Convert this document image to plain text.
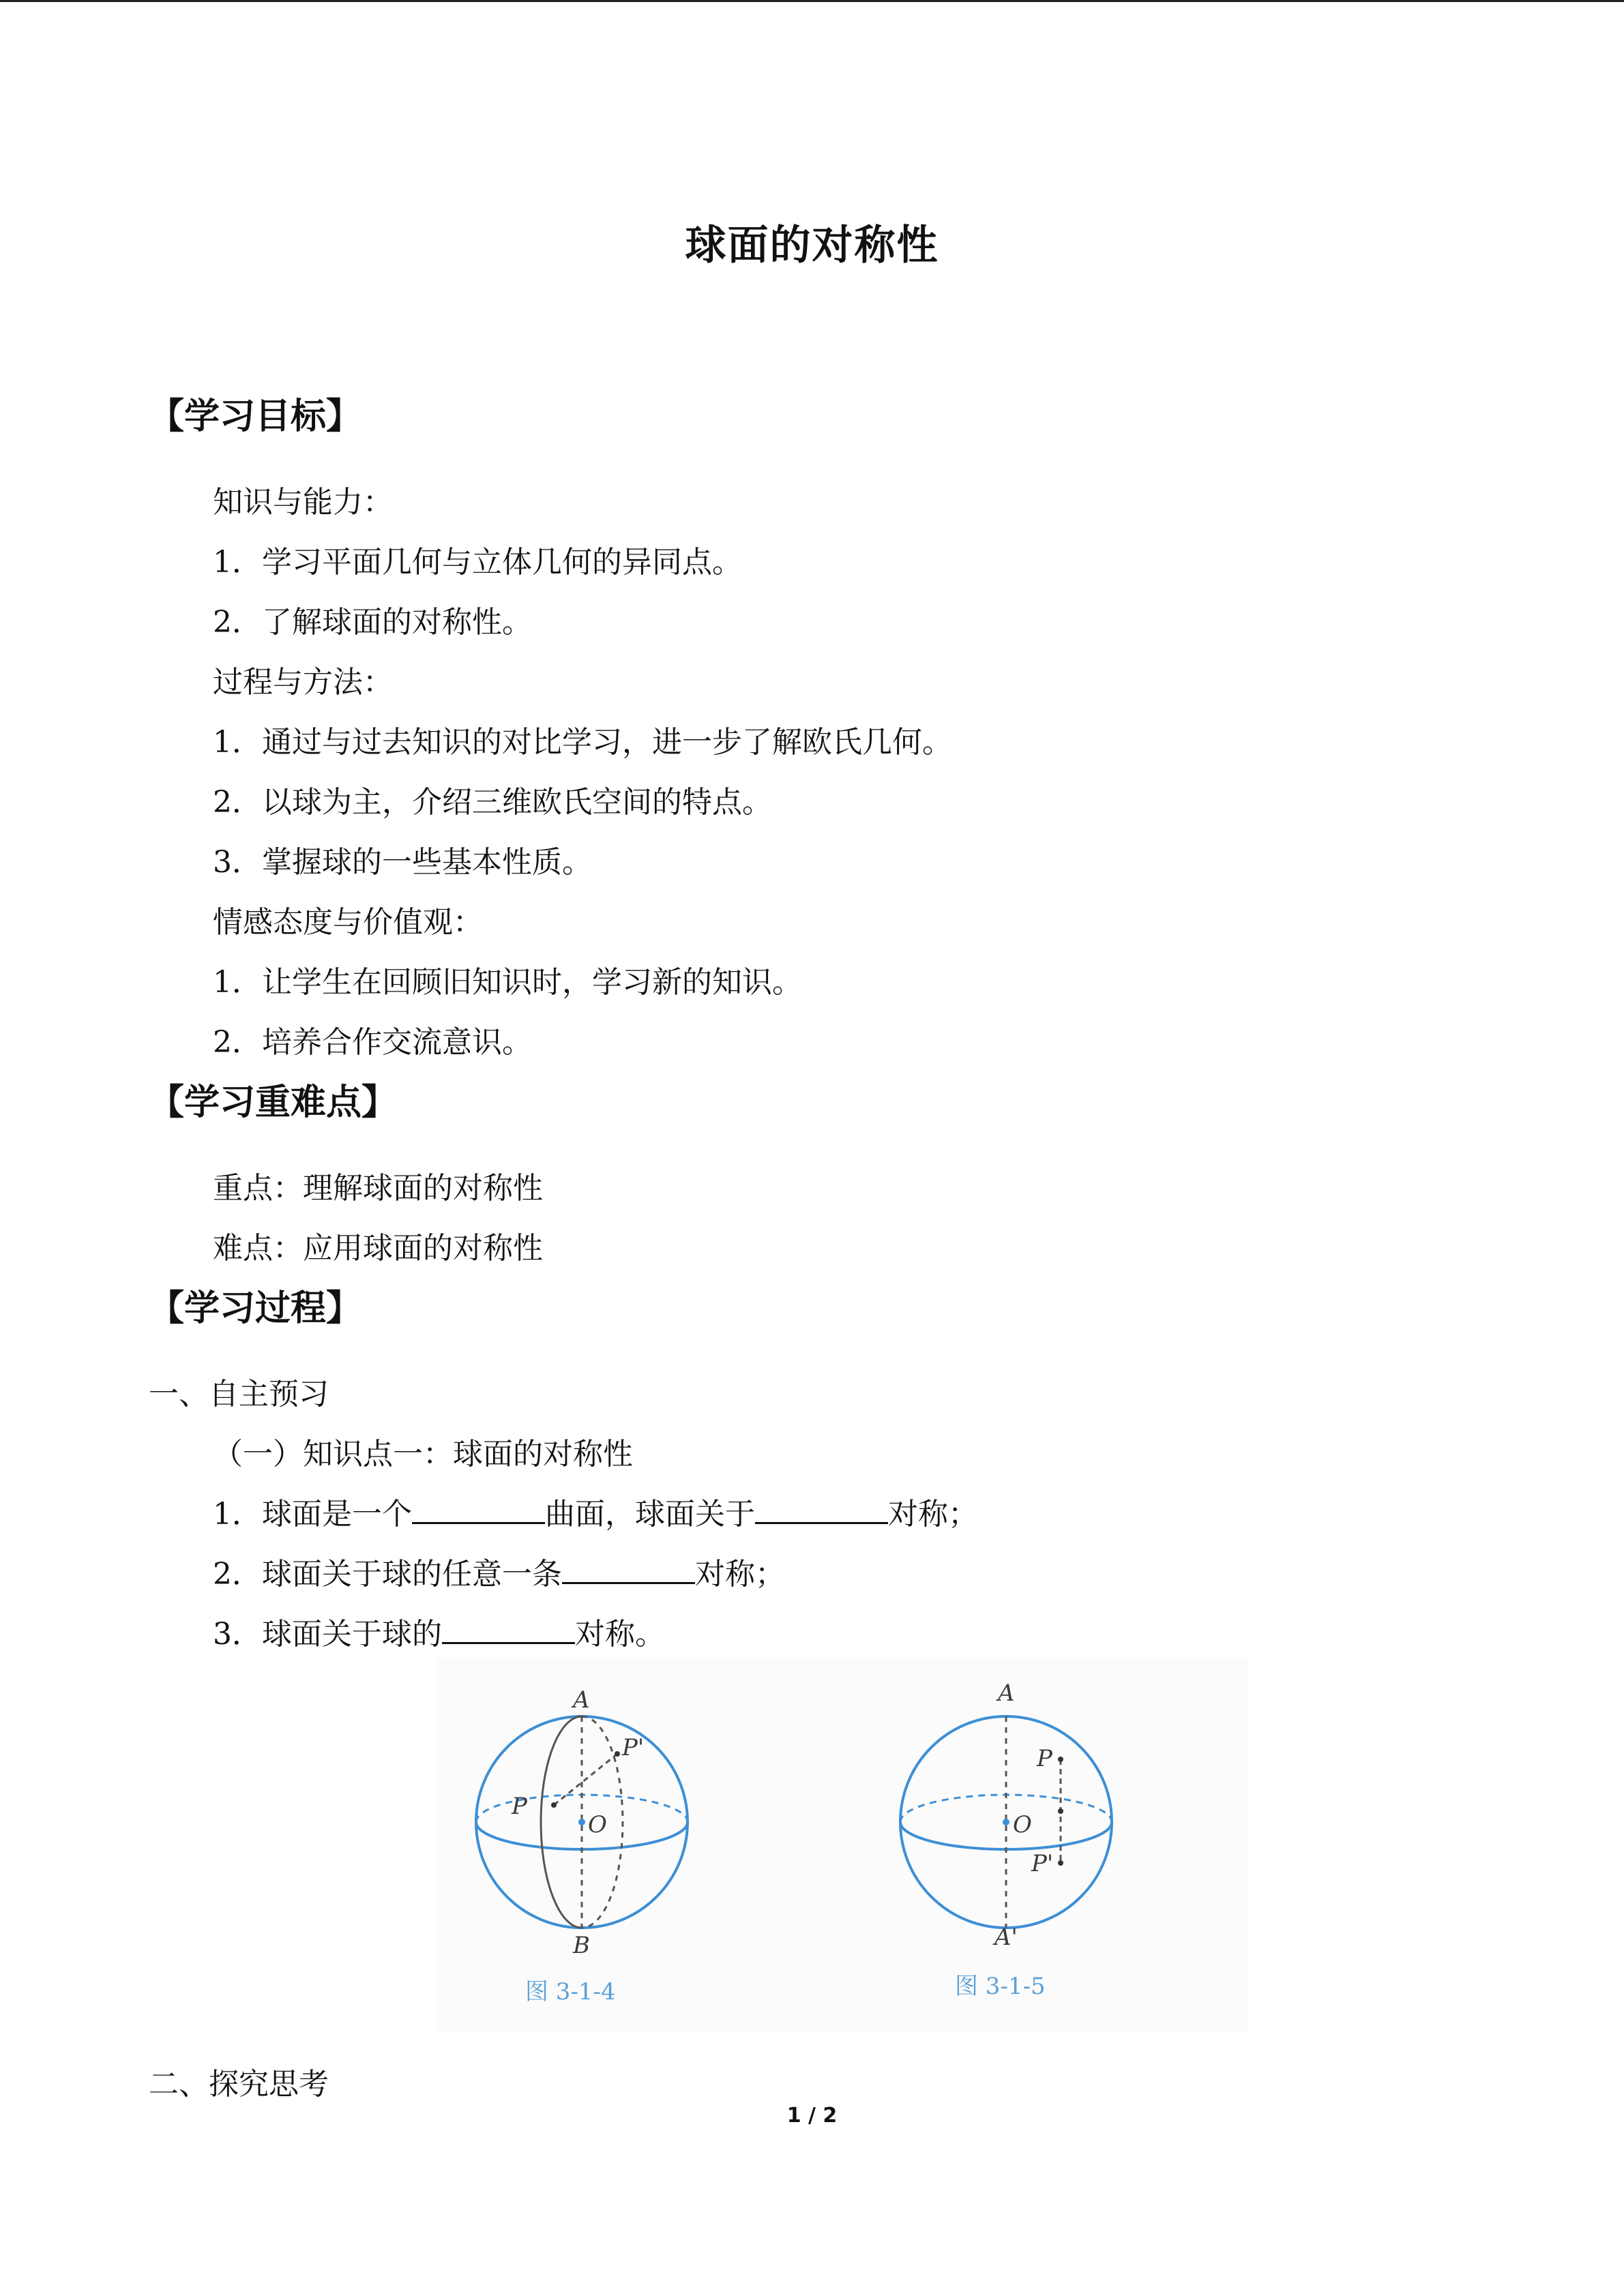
球面的对称性
【学习目标】
知识与能力：
1．学习平面几何与立体几何的异同点。
2．了解球面的对称性。
过程与方法：
1．通过与过去知识的对比学习，进一步了解欧氏几何。
2．以球为主，介绍三维欧氏空间的特点。
3．掌握球的一些基本性质。
情感态度与价值观：
1．让学生在回顾旧知识时，学习新的知识。
2．培养合作交流意识。
【学习重难点】
重点：理解球面的对称性
难点：应用球面的对称性
【学习过程】
一、自主预习
（一）知识点一：球面的对称性
1．球面是一个	曲面，球面关于	对称；
2．球面关于球的任意一条	对称；
3．球面关于球的	对称。
A
P'
P
O
B
图 3-1-4
A
P
O
P'
A'
图 3-1-5
二、探究思考
1 / 2
